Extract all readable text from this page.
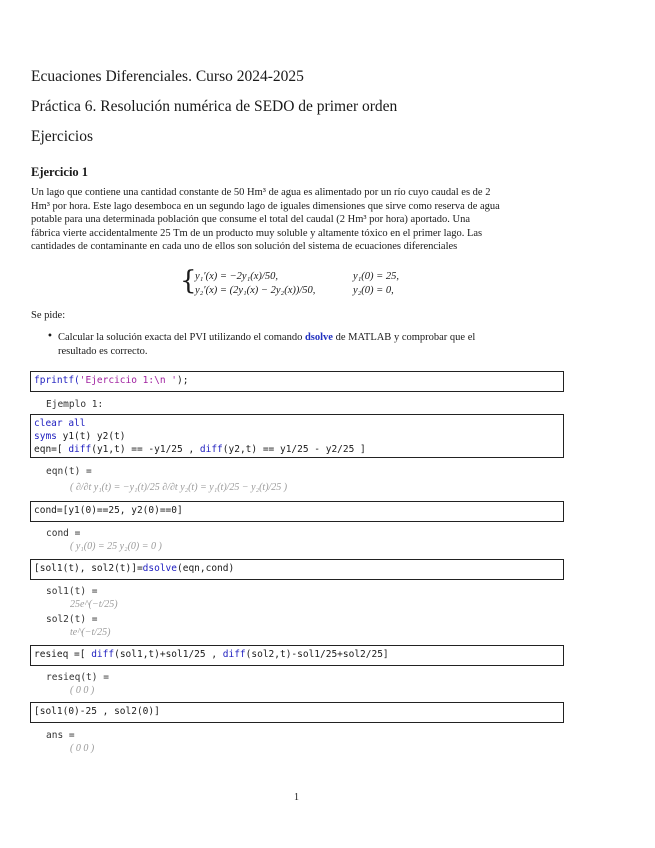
Ecuaciones Diferenciales. Curso 2024-2025
Práctica 6. Resolución numérica de SEDO de primer orden
Ejercicios
Ejercicio 1
Un lago que contiene una cantidad constante de 50 Hm³ de agua es alimentado por un río cuyo caudal es de 2
Hm³ por hora. Este lago desemboca en un segundo lago de iguales dimensiones que sirve como reserva de agua
potable para una determinada población que consume el total del caudal (2 Hm³ por hora) aportado. Una
fábrica vierte accidentalmente 25 Tm de un producto muy soluble y altamente tóxico en el primer lago. Las
cantidades de contaminante en cada uno de ellos son solución del sistema de ecuaciones diferenciales
{
y₁′(x) = −2y₁(x)/50,	y₁(0) = 25,
y₂′(x) = (2y₁(x) − 2y₂(x))/50,	y₂(0) = 0,
Se pide:
• Calcular la solución exacta del PVI utilizando el comando dsolve de MATLAB y comprobar que el
resultado es correcto.
fprintf('Ejercicio 1:\n ');
Ejemplo 1:
clear all
syms y1(t) y2(t)
eqn=[ diff(y1,t) == -y1/25 , diff(y2,t) == y1/25 - y2/25 ]
eqn(t) =
( ∂/∂t y₁(t) = −y₁(t)/25 ∂/∂t y₂(t) = y₁(t)/25 − y₂(t)/25 )
cond=[y1(0)==25, y2(0)==0]
cond =
( y₁(0) = 25 y₂(0) = 0 )
[sol1(t), sol2(t)]=dsolve(eqn,cond)
sol1(t) =
25e^(−t/25)
sol2(t) =
te^(−t/25)
resieq =[ diff(sol1,t)+sol1/25 , diff(sol2,t)-sol1/25+sol2/25]
resieq(t) =
( 0 0 )
[sol1(0)-25 , sol2(0)]
ans =
( 0 0 )
1
